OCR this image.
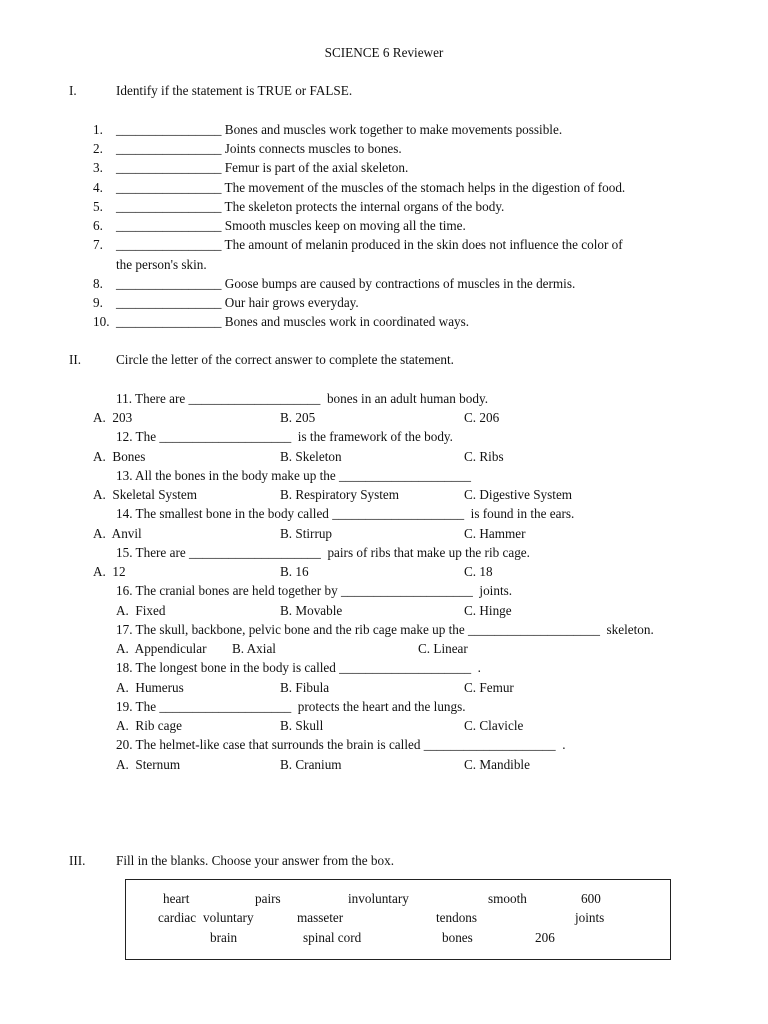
SCIENCE 6 Reviewer
I.	Identify if the statement is TRUE or FALSE.
1. ________________ Bones and muscles work together to make movements possible.
2. ________________ Joints connects muscles to bones.
3. ________________ Femur is part of the axial skeleton.
4. ________________ The movement of the muscles of the stomach helps in the digestion of food.
5. ________________ The skeleton protects the internal organs of the body.
6. ________________ Smooth muscles keep on moving all the time.
7. ________________ The amount of melanin produced in the skin does not influence the color of
the person's skin.
8. ________________ Goose bumps are caused by contractions of muscles in the dermis.
9. ________________ Our hair grows everyday.
10. ________________ Bones and muscles work in coordinated ways.
II.	Circle the letter of the correct answer to complete the statement.
11. There are ____________________  bones in an adult human body.
A.  203	B. 205	C. 206
12. The ____________________  is the framework of the body.
A.  Bones	B. Skeleton	C. Ribs
13. All the bones in the body make up the ____________________
A.  Skeletal System	B. Respiratory System	C. Digestive System
14. The smallest bone in the body called ____________________  is found in the ears.
A.  Anvil	B. Stirrup	C. Hammer
15. There are ____________________  pairs of ribs that make up the rib cage.
A.  12	B. 16	C. 18
16. The cranial bones are held together by ____________________  joints.
A.  Fixed	B. Movable	C. Hinge
17. The skull, backbone, pelvic bone and the rib cage make up the ____________________  skeleton.
A.  Appendicular B. Axial	C. Linear
18. The longest bone in the body is called ____________________  .
A.  Humerus	B. Fibula	C. Femur
19. The ____________________  protects the heart and the lungs.
A.  Rib cage	B. Skull	C. Clavicle
20. The helmet-like case that surrounds the brain is called ____________________  .
A.  Sternum	B. Cranium	C. Mandible
III. Fill in the blanks. Choose your answer from the box.
heart	pairs	involuntary	smooth	600
cardiac voluntary	masseter	tendons	joints
brain	spinal cord	bones	206
